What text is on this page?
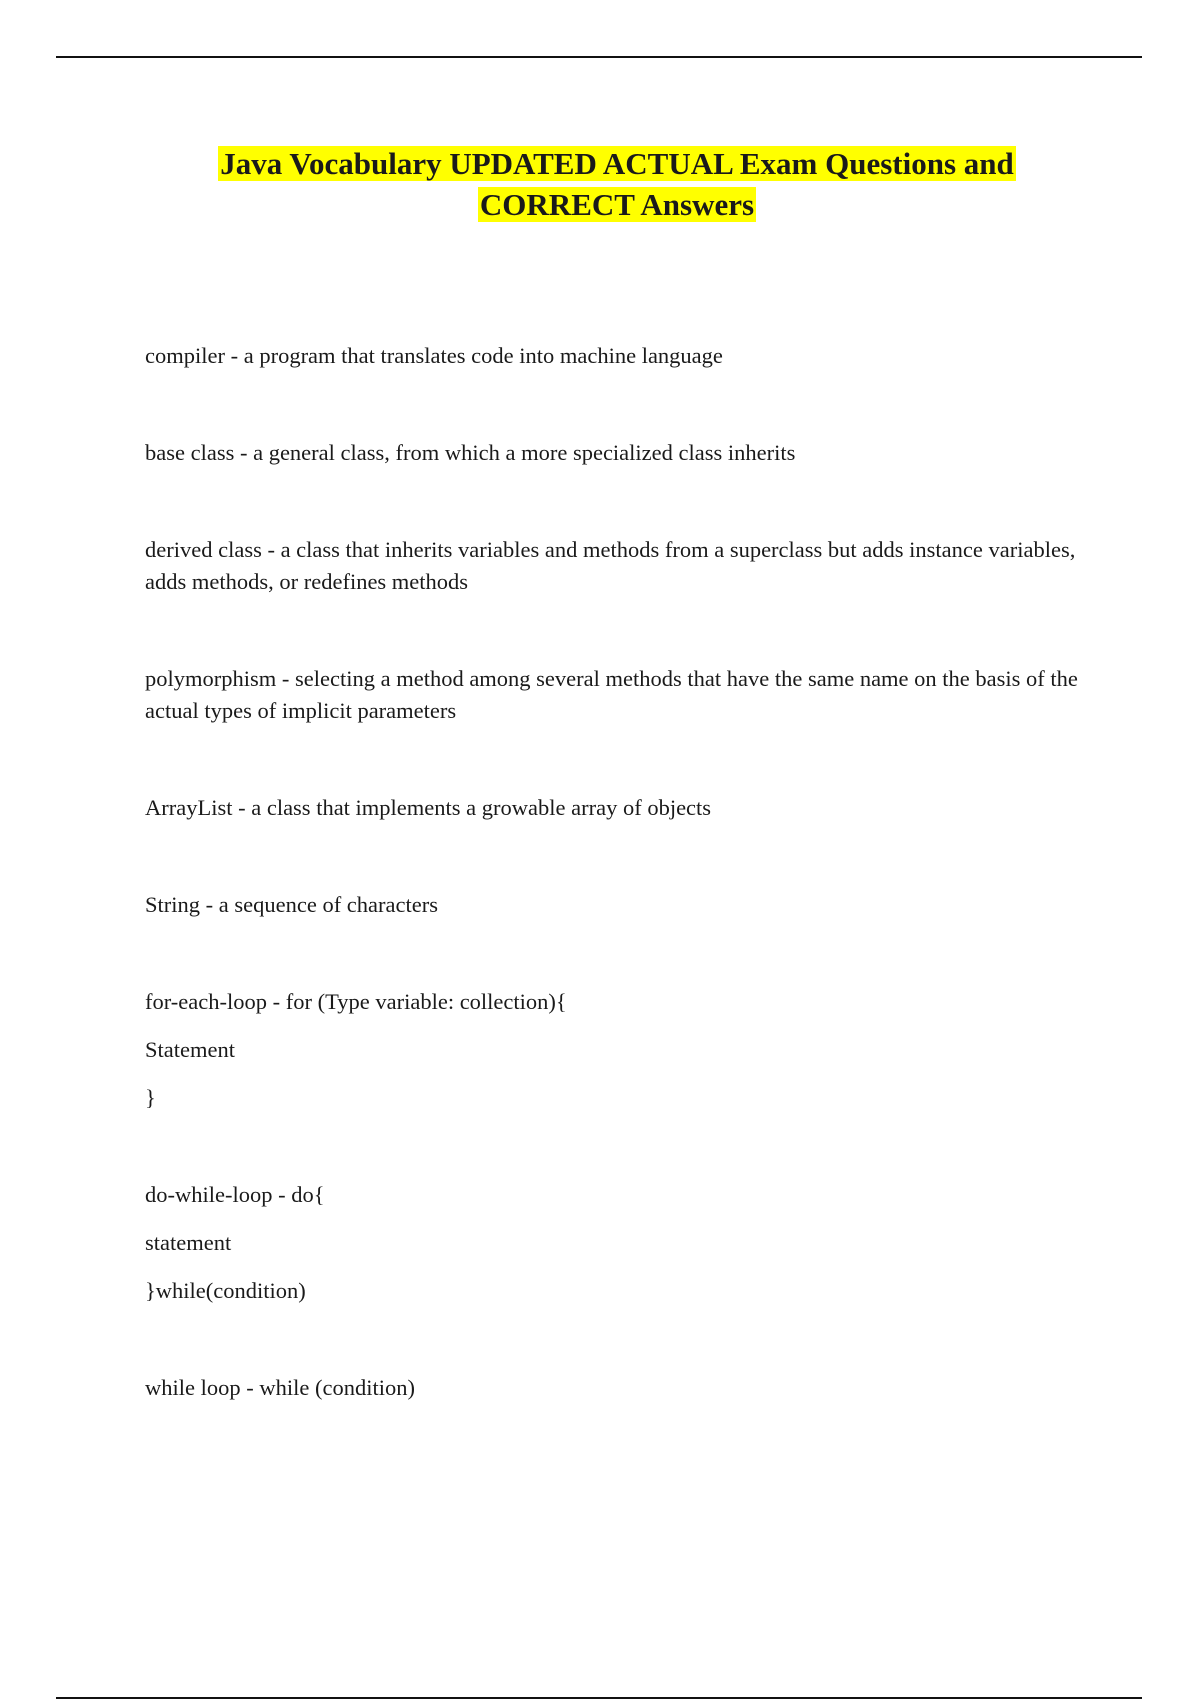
Java Vocabulary UPDATED ACTUAL Exam Questions and
CORRECT Answers

compiler - a program that translates code into machine language

base class - a general class, from which a more specialized class inherits

derived class - a class that inherits variables and methods from a superclass but adds instance variables, adds methods, or redefines methods

polymorphism - selecting a method among several methods that have the same name on the basis of the actual types of implicit parameters

ArrayList - a class that implements a growable array of objects

String - a sequence of characters

for-each-loop - for (Type variable: collection){

Statement

}

do-while-loop - do{

statement

}while(condition)

while loop - while (condition)
